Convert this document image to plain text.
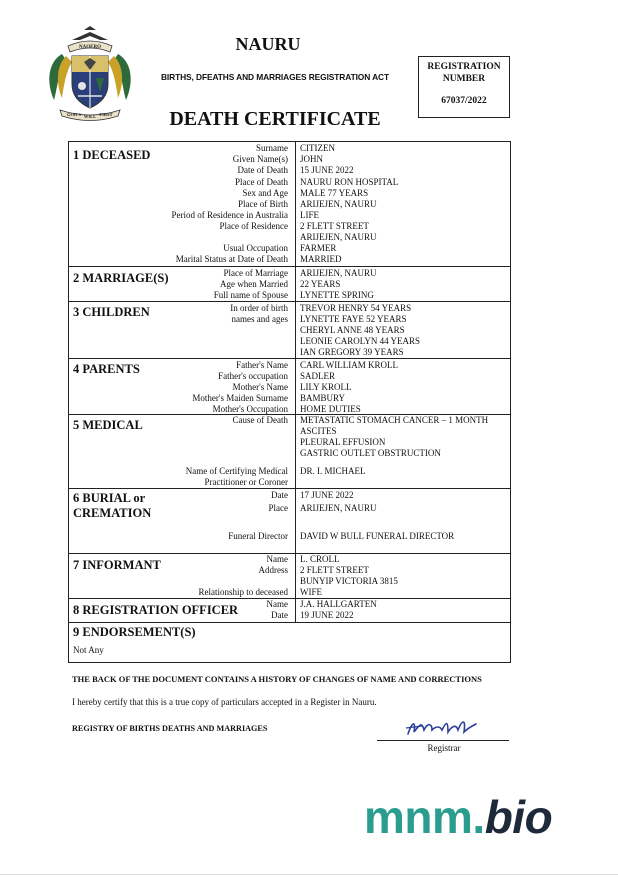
NAOERO
GOD'S WILL FIRST
NAURU
BIRTHS, DFEATHS AND MARRIAGES REGISTRATION ACT
DEATH CERTIFICATE
REGISTRATION
NUMBER
67037/2022
1 DECEASED	Surname CITIZEN
Given Name(s) JOHN
Date of Death 15 JUNE 2022
Place of Death NAURU RON HOSPITAL
Sex and Age MALE 77 YEARS
Place of Birth ARIJEJEN, NAURU
Period of Residence in Australia LIFE
Place of Residence 2 FLETT STREET
ARIJEJEN, NAURU
Usual Occupation FARMER
Marital Status at Date of Death MARRIED
2 MARRIAGE(S)	Place of Marriage ARIJEJEN, NAURU
Age when Married 22 YEARS
Full name of Spouse LYNETTE SPRING
3 CHILDREN	In order of birth
names and ages
TREVOR HENRY 54 YEARS
LYNETTE FAYE 52 YEARS
CHERYL ANNE 48 YEARS
LEONIE CAROLYN 44 YEARS
IAN GREGORY 39 YEARS
4 PARENTS	Father's Name CARL WILLIAM KROLL
Father's occupation SADLER
Mother's Name LILY KROLL
Mother's Maiden Surname BAMBURY
Mother's Occupation HOME DUTIES
5 MEDICAL	Cause of Death METASTATIC STOMACH CANCER – 1 MONTH
ASCITES
PLEURAL EFFUSION
GASTRIC OUTLET OBSTRUCTION
Name of Certifying Medical
Practitioner or Coroner
DR. I. MICHAEL
6 BURIAL or
CREMATION
Date 17 JUNE 2022
Place ARIJEJEN, NAURU
Funeral Director DAVID W BULL FUNERAL DIRECTOR
7 INFORMANT	Name L. CROLL
Address 2 FLETT STREET
BUNYIP VICTORIA 3815
Relationship to deceased WIFE
8 REGISTRATION OFFICER	Name J.A. HALLGARTEN
Date 19 JUNE 2022
9 ENDORSEMENT(S)
Not Any
THE BACK OF THE DOCUMENT CONTAINS A HISTORY OF CHANGES OF NAME AND CORRECTIONS
I hereby certify that this is a true copy of particulars accepted in a Register in Nauru.
REGISTRY OF BIRTHS DEATHS AND MARRIAGES
Registrar
mnm.bio
